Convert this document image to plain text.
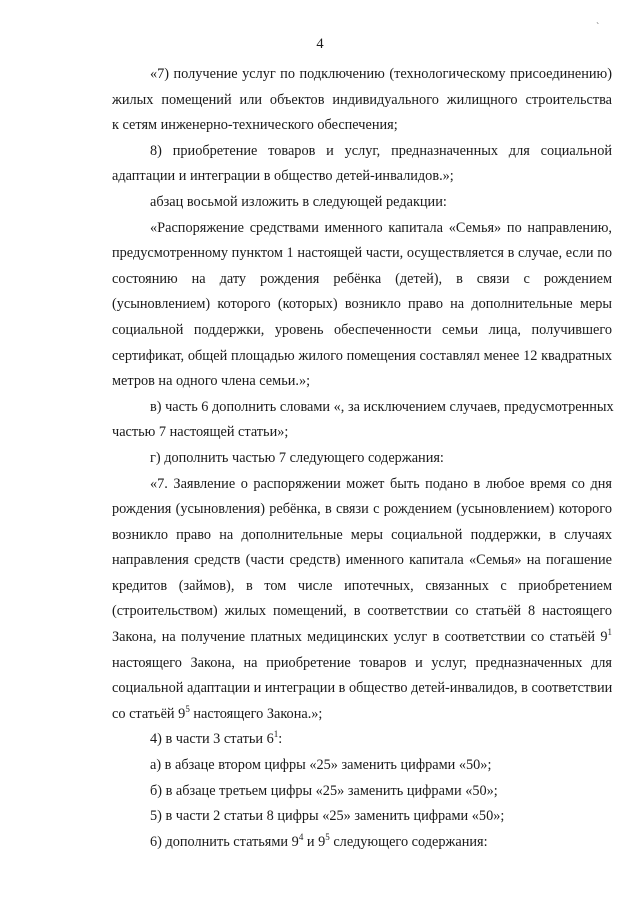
`
4
«7) получение услуг по подключению (технологическому присоединению)
жилых помещений или объектов индивидуального жилищного строительства
к сетям инженерно-технического обеспечения;
8) приобретение товаров и услуг, предназначенных для социальной
адаптации и интеграции в общество детей-инвалидов.»;
абзац восьмой изложить в следующей редакции:
«Распоряжение средствами именного капитала «Семья» по направлению,
предусмотренному пунктом 1 настоящей части, осуществляется в случае, если по
состоянию на дату рождения ребёнка (детей), в связи с рождением
(усыновлением) которого (которых) возникло право на дополнительные меры
социальной поддержки, уровень обеспеченности семьи лица, получившего
сертификат, общей площадью жилого помещения составлял менее 12 квадратных
метров на одного члена семьи.»;
в) часть 6 дополнить словами «, за исключением случаев, предусмотренных
частью 7 настоящей статьи»;
г) дополнить частью 7 следующего содержания:
«7. Заявление о распоряжении может быть подано в любое время со дня
рождения (усыновления) ребёнка, в связи с рождением (усыновлением) которого
возникло право на дополнительные меры социальной поддержки, в случаях
направления средств (части средств) именного капитала «Семья» на погашение
кредитов (займов), в том числе ипотечных, связанных с приобретением
(строительством) жилых помещений, в соответствии со статьёй 8 настоящего
Закона, на получение платных медицинских услуг в соответствии со статьёй $9^1$
настоящего Закона, на приобретение товаров и услуг, предназначенных для
социальной адаптации и интеграции в общество детей-инвалидов, в соответствии
со статьёй $9^5$ настоящего Закона.»;
4) в части 3 статьи $6^1$:
а) в абзаце втором цифры «25» заменить цифрами «50»;
б) в абзаце третьем цифры «25» заменить цифрами «50»;
5) в части 2 статьи 8 цифры «25» заменить цифрами «50»;
6) дополнить статьями $9^4$ и $9^5$ следующего содержания:
